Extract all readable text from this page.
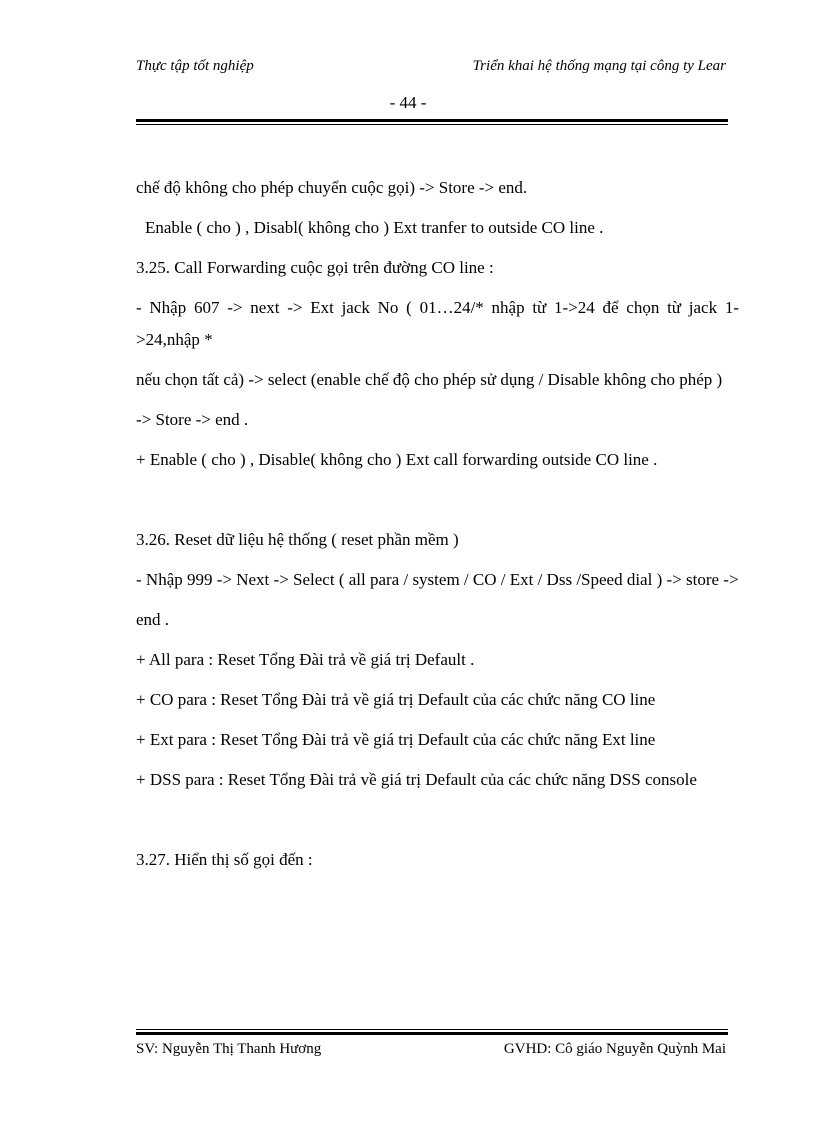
Thực tập tốt nghiệp	Triển khai hệ thống mạng tại công ty Lear
- 44 -

chế độ không cho phép chuyển cuộc gọi) -> Store -> end.

Enable ( cho ) , Disabl( không cho ) Ext tranfer to outside CO line .

3.25. Call Forwarding cuộc gọi trên đường CO line :

- Nhập 607 -> next -> Ext jack No ( 01…24/* nhập từ 1->24 để chọn từ jack 1->24,nhập *

nếu chọn tất cả) -> select (enable chế độ cho phép sử dụng / Disable không cho phép )

-> Store -> end .

+ Enable ( cho ) , Disable( không cho ) Ext call forwarding outside CO line .

3.26. Reset dữ liệu hệ thống ( reset phần mềm )

- Nhập 999 -> Next -> Select ( all para / system / CO / Ext / Dss /Speed dial ) -> store ->

end .

+ All para : Reset Tổng Đài trả về giá trị Default .

+ CO para : Reset Tổng Đài trả về giá trị Default của các chức năng CO line

+ Ext para : Reset Tổng Đài trả về giá trị Default của các chức năng Ext line

+ DSS para : Reset Tổng Đài trả về giá trị Default của các chức năng DSS console

3.27. Hiển thị số gọi đến :

SV: Nguyễn Thị Thanh Hương	GVHD: Cô giáo Nguyễn Quỳnh Mai
